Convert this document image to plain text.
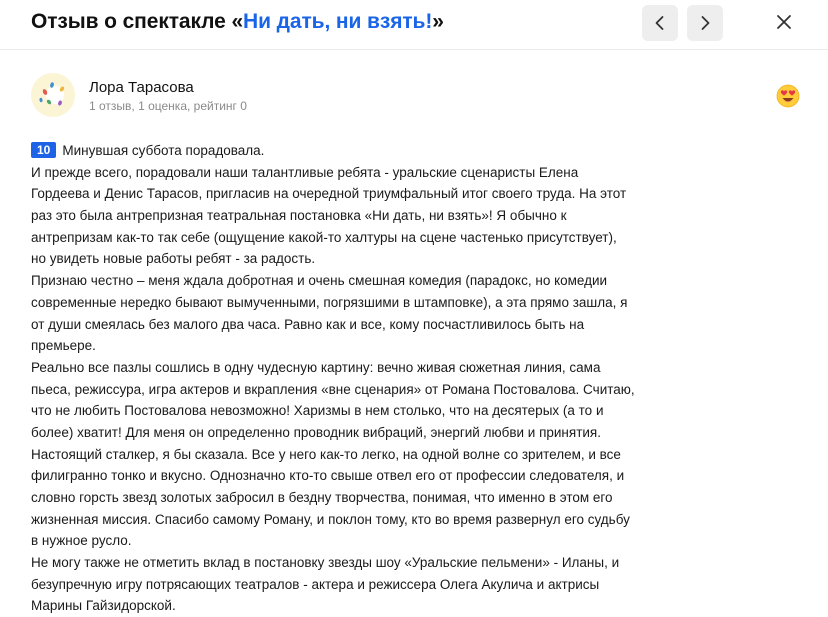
Отзыв о спектакле «Ни дать, ни взять!»
Лора Тарасова
1 отзыв, 1 оценка, рейтинг 0
10 Минувшая суббота порадовала.
И прежде всего, порадовали наши талантливые ребята - уральские сценаристы Елена
Гордеева и Денис Тарасов, пригласив на очередной триумфальный итог своего труда. На этот
раз это была антрепризная театральная постановка «Ни дать, ни взять»! Я обычно к
антрепризам как-то так себе (ощущение какой-то халтуры на сцене частенько присутствует),
но увидеть новые работы ребят - за радость.
Признаю честно – меня ждала добротная и очень смешная комедия (парадокс, но комедии
современные нередко бывают вымученными, погрязшими в штамповке), а эта прямо зашла, я
от души смеялась без малого два часа. Равно как и все, кому посчастливилось быть на
премьере.
Реально все пазлы сошлись в одну чудесную картину: вечно живая сюжетная линия, сама
пьеса, режиссура, игра актеров и вкрапления «вне сценария» от Романа Постовалова. Считаю,
что не любить Постовалова невозможно! Харизмы в нем столько, что на десятерых (а то и
более) хватит! Для меня он определенно проводник вибраций, энергий любви и принятия.
Настоящий сталкер, я бы сказала. Все у него как-то легко, на одной волне со зрителем, и все
филигранно тонко и вкусно. Однозначно кто-то свыше отвел его от профессии следователя, и
словно горсть звезд золотых забросил в бездну творчества, понимая, что именно в этом его
жизненная миссия. Спасибо самому Роману, и поклон тому, кто во время развернул его судьбу
в нужное русло.
Не могу также не отметить вклад в постановку звезды шоу «Уральские пельмени» - Иланы, и
безупречную игру потрясающих театралов - актера и режиссера Олега Акулича и актрисы
Марины Гайзидорской.
